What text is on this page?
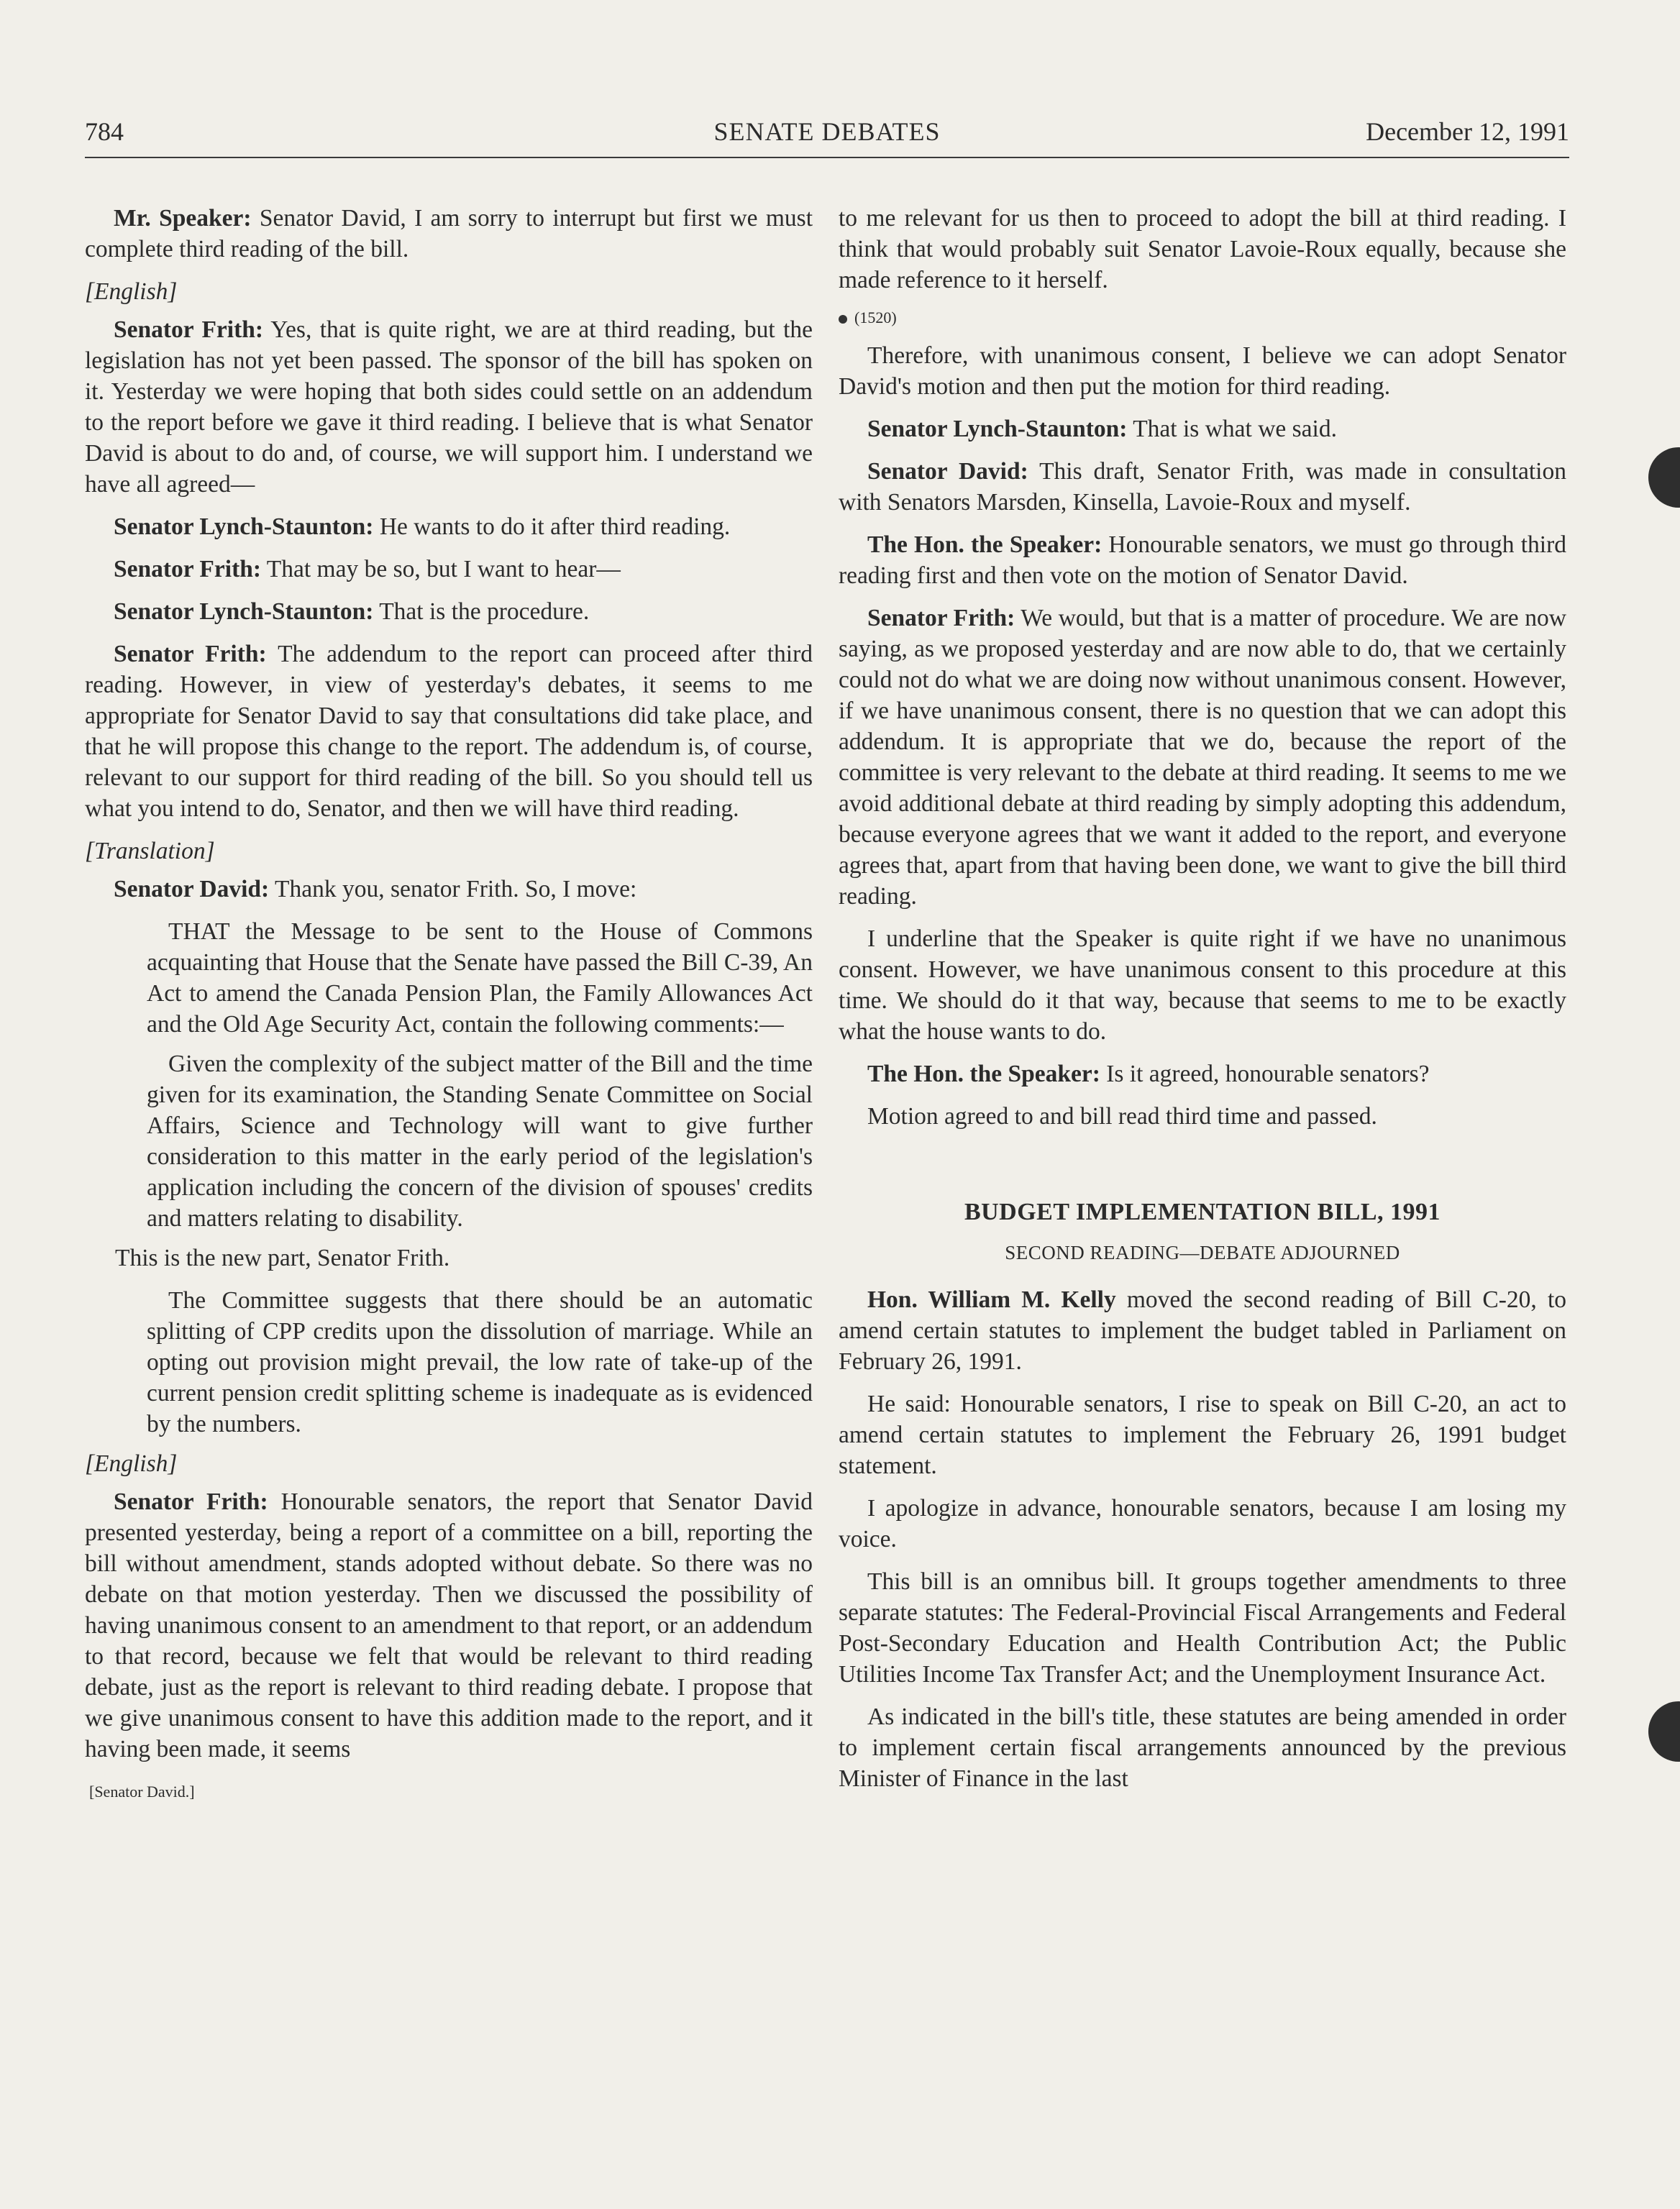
784	SENATE DEBATES	December 12, 1991

Mr. Speaker: Senator David, I am sorry to interrupt but first we must complete third reading of the bill.

[English]

Senator Frith: Yes, that is quite right, we are at third reading, but the legislation has not yet been passed. The sponsor of the bill has spoken on it. Yesterday we were hoping that both sides could settle on an addendum to the report before we gave it third reading. I believe that is what Senator David is about to do and, of course, we will support him. I understand we have all agreed—

Senator Lynch-Staunton: He wants to do it after third reading.

Senator Frith: That may be so, but I want to hear—

Senator Lynch-Staunton: That is the procedure.

Senator Frith: The addendum to the report can proceed after third reading. However, in view of yesterday's debates, it seems to me appropriate for Senator David to say that consultations did take place, and that he will propose this change to the report. The addendum is, of course, relevant to our support for third reading of the bill. So you should tell us what you intend to do, Senator, and then we will have third reading.

[Translation]

Senator David: Thank you, senator Frith. So, I move:

THAT the Message to be sent to the House of Commons acquainting that House that the Senate have passed the Bill C-39, An Act to amend the Canada Pension Plan, the Family Allowances Act and the Old Age Security Act, contain the following comments:—

Given the complexity of the subject matter of the Bill and the time given for its examination, the Standing Senate Committee on Social Affairs, Science and Technology will want to give further consideration to this matter in the early period of the legislation's application including the concern of the division of spouses' credits and matters relating to disability.

This is the new part, Senator Frith.

The Committee suggests that there should be an automatic splitting of CPP credits upon the dissolution of marriage. While an opting out provision might prevail, the low rate of take-up of the current pension credit splitting scheme is inadequate as is evidenced by the numbers.

[English]

Senator Frith: Honourable senators, the report that Senator David presented yesterday, being a report of a committee on a bill, reporting the bill without amendment, stands adopted without debate. So there was no debate on that motion yesterday. Then we discussed the possibility of having unanimous consent to an amendment to that report, or an addendum to that record, because we felt that would be relevant to third reading debate, just as the report is relevant to third reading debate. I propose that we give unanimous consent to have this addition made to the report, and it having been made, it seems

[Senator David.]

to me relevant for us then to proceed to adopt the bill at third reading. I think that would probably suit Senator Lavoie-Roux equally, because she made reference to it herself.

(1520)

Therefore, with unanimous consent, I believe we can adopt Senator David's motion and then put the motion for third reading.

Senator Lynch-Staunton: That is what we said.

Senator David: This draft, Senator Frith, was made in consultation with Senators Marsden, Kinsella, Lavoie-Roux and myself.

The Hon. the Speaker: Honourable senators, we must go through third reading first and then vote on the motion of Senator David.

Senator Frith: We would, but that is a matter of procedure. We are now saying, as we proposed yesterday and are now able to do, that we certainly could not do what we are doing now without unanimous consent. However, if we have unanimous consent, there is no question that we can adopt this addendum. It is appropriate that we do, because the report of the committee is very relevant to the debate at third reading. It seems to me we avoid additional debate at third reading by simply adopting this addendum, because everyone agrees that we want it added to the report, and everyone agrees that, apart from that having been done, we want to give the bill third reading.

I underline that the Speaker is quite right if we have no unanimous consent. However, we have unanimous consent to this procedure at this time. We should do it that way, because that seems to me to be exactly what the house wants to do.

The Hon. the Speaker: Is it agreed, honourable senators?

Motion agreed to and bill read third time and passed.

BUDGET IMPLEMENTATION BILL, 1991
SECOND READING—DEBATE ADJOURNED

Hon. William M. Kelly moved the second reading of Bill C-20, to amend certain statutes to implement the budget tabled in Parliament on February 26, 1991.

He said: Honourable senators, I rise to speak on Bill C-20, an act to amend certain statutes to implement the February 26, 1991 budget statement.

I apologize in advance, honourable senators, because I am losing my voice.

This bill is an omnibus bill. It groups together amendments to three separate statutes: The Federal-Provincial Fiscal Arrangements and Federal Post-Secondary Education and Health Contribution Act; the Public Utilities Income Tax Transfer Act; and the Unemployment Insurance Act.

As indicated in the bill's title, these statutes are being amended in order to implement certain fiscal arrangements announced by the previous Minister of Finance in the last
